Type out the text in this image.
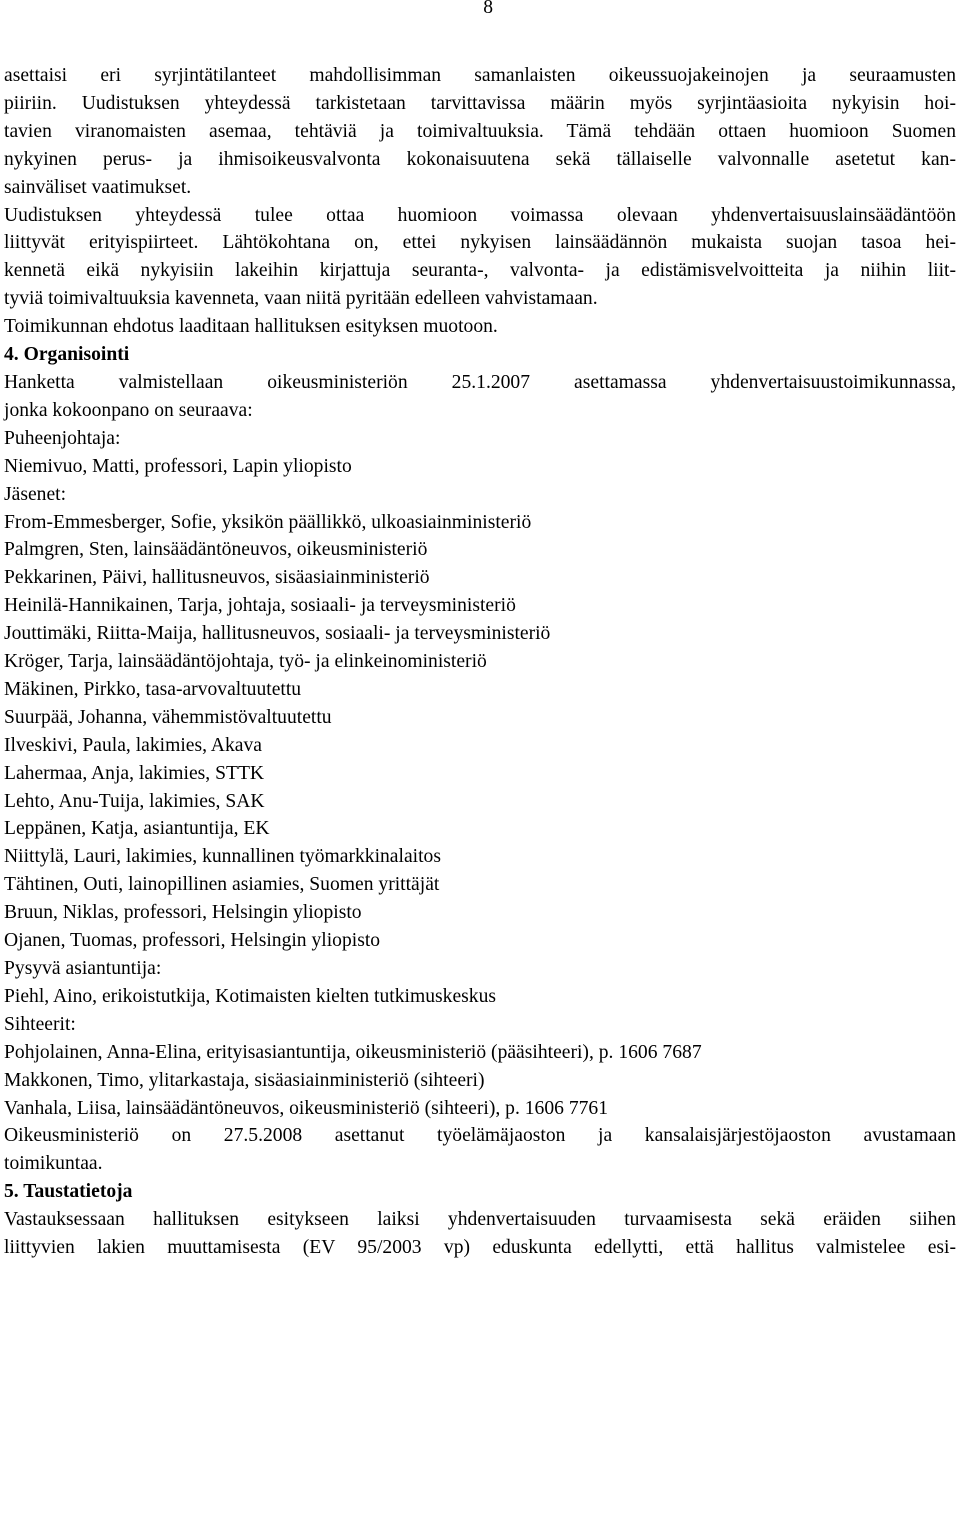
8
asettaisi eri syrjintätilanteet mahdollisimman samanlaisten oikeussuojakeinojen ja seuraamusten
piiriin. Uudistuksen yhteydessä tarkistetaan tarvittavissa määrin myös syrjintäasioita nykyisin hoi-
tavien viranomaisten asemaa, tehtäviä ja toimivaltuuksia. Tämä tehdään ottaen huomioon Suomen
nykyinen perus- ja ihmisoikeusvalvonta kokonaisuutena sekä tällaiselle valvonnalle asetetut kan-
sainväliset vaatimukset.
Uudistuksen yhteydessä tulee ottaa huomioon voimassa olevaan yhdenvertaisuuslainsäädäntöön
liittyvät erityispiirteet. Lähtökohtana on, ettei nykyisen lainsäädännön mukaista suojan tasoa hei-
kennetä eikä nykyisiin lakeihin kirjattuja seuranta-, valvonta- ja edistämisvelvoitteita ja niihin liit-
tyviä toimivaltuuksia kavenneta, vaan niitä pyritään edelleen vahvistamaan.
Toimikunnan ehdotus laaditaan hallituksen esityksen muotoon.
4. Organisointi
Hanketta valmistellaan oikeusministeriön 25.1.2007 asettamassa yhdenvertaisuustoimikunnassa,
jonka kokoonpano on seuraava:
Puheenjohtaja:
Niemivuo, Matti, professori, Lapin yliopisto
Jäsenet:
From-Emmesberger, Sofie, yksikön päällikkö, ulkoasiainministeriö
Palmgren, Sten, lainsäädäntöneuvos, oikeusministeriö
Pekkarinen, Päivi, hallitusneuvos, sisäasiainministeriö
Heinilä-Hannikainen, Tarja, johtaja, sosiaali- ja terveysministeriö
Jouttimäki, Riitta-Maija, hallitusneuvos, sosiaali- ja terveysministeriö
Kröger, Tarja, lainsäädäntöjohtaja, työ- ja elinkeinoministeriö
Mäkinen, Pirkko, tasa-arvovaltuutettu
Suurpää, Johanna, vähemmistövaltuutettu
Ilveskivi, Paula, lakimies, Akava
Lahermaa, Anja, lakimies, STTK
Lehto, Anu-Tuija, lakimies, SAK
Leppänen, Katja, asiantuntija, EK
Niittylä, Lauri, lakimies, kunnallinen työmarkkinalaitos
Tähtinen, Outi, lainopillinen asiamies, Suomen yrittäjät
Bruun, Niklas, professori, Helsingin yliopisto
Ojanen, Tuomas, professori, Helsingin yliopisto
Pysyvä asiantuntija:
Piehl, Aino, erikoistutkija, Kotimaisten kielten tutkimuskeskus
Sihteerit:
Pohjolainen, Anna-Elina, erityisasiantuntija, oikeusministeriö (pääsihteeri), p. 1606 7687
Makkonen, Timo, ylitarkastaja, sisäasiainministeriö (sihteeri)
Vanhala, Liisa, lainsäädäntöneuvos, oikeusministeriö (sihteeri), p. 1606 7761
Oikeusministeriö on 27.5.2008 asettanut työelämäjaoston ja kansalaisjärjestöjaoston avustamaan
toimikuntaa.
5. Taustatietoja
Vastauksessaan hallituksen esitykseen laiksi yhdenvertaisuuden turvaamisesta sekä eräiden siihen
liittyvien lakien muuttamisesta (EV 95/2003 vp) eduskunta edellytti, että hallitus valmistelee esi-
